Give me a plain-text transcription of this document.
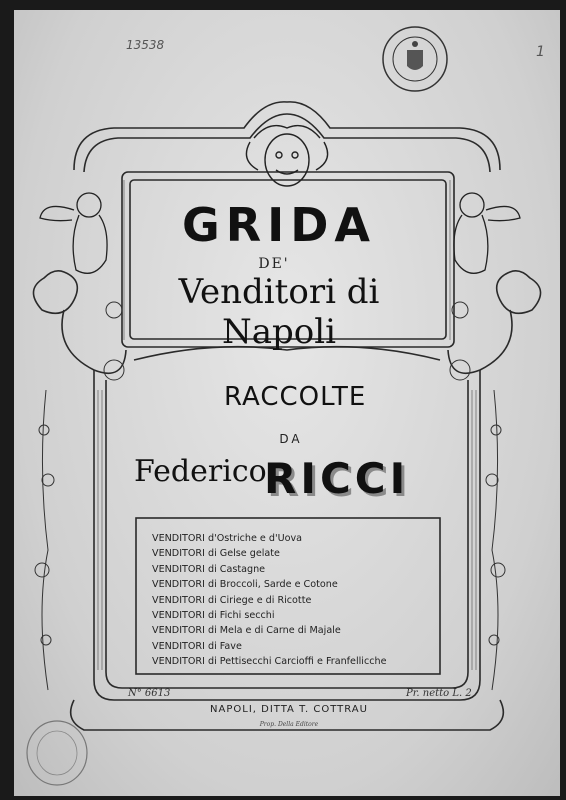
13538	1
GRIDA
DE'
Venditori di Napoli
RACCOLTE
DA
Federico
RICCI
VENDITORI d'Ostriche e d'Uova
VENDITORI di Gelse gelate
VENDITORI di Castagne
VENDITORI di Broccoli, Sarde e Cotone
VENDITORI di Ciriege e di Ricotte
VENDITORI di Fichi secchi
VENDITORI di Mela e di Carne di Majale
VENDITORI di Fave
VENDITORI di Pettisecchi Carcioffi e Franfellicche
N° 6613	Pr. netto L. 2
NAPOLI, DITTA T. COTTRAU
Prop. Della Editore
